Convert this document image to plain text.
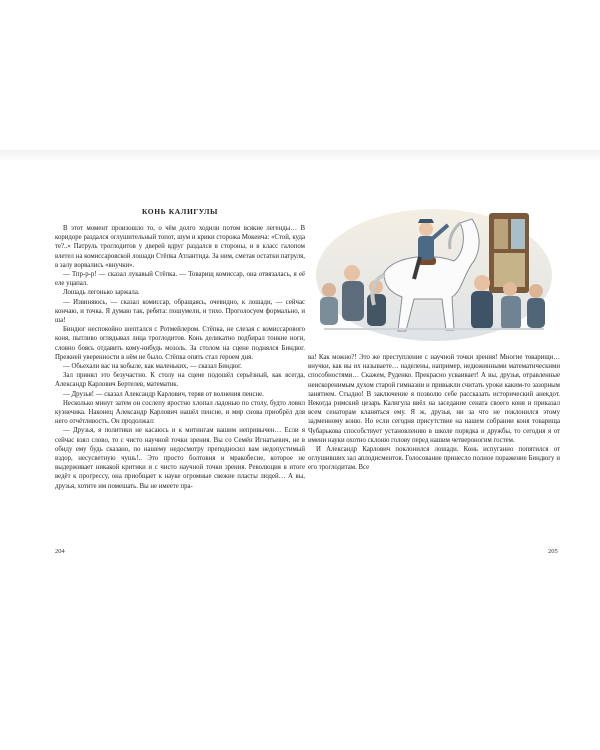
КОНЬ КАЛИГУЛЫ

В этот момент произошло то, о чём долго ходили потом всякие легенды… В коридоре раздался оглушительный топот, шум и крики сторожа Мокеича: «Стой, куда те?..» Патруль троглодитов у дверей вдруг раздался в стороны, и в класс галопом влетел на комиссаровской лошади Стёпка Атлантида. За ним, сметая остатки патруля, в залу ворвались «внучки».

— Тпр-р-р! — сказал лукавый Стёпка. — Товарищ комиссар, она отвязалась, я её еле уцапал.

Лошадь легонько заржала.

— Извиняюсь, — сказал комиссар, обращаясь, очевидно, к лошади, — сейчас кончаю, и точка. Я думаю так, ребята: пошумели, и тихо. Проголосуем формально, и ша!

Биндюг неспокойно шептался с Ротмейлером. Стёпка, не слезая с комиссарового коня, пытливо оглядывал лица троглодитов. Конь деликатно подбирал тонкие ноги, словно боясь отдавить кому-нибудь мозоль. За столом на сцене поднялся Биндюг. Прежней уверенности в нём не было. Стёпка опять стал героем дня.

— Обьехали вас на кобыле, как маленьких, — сказал Биндюг.

Зал принял это безучастно. К столу на сцене подошёл серьёзный, как всегда, Александр Карлович Бертелев, математик.

— Друзья! — сказал Александр Карлович, теряя от волнения пенсне.

Несколько минут затем он сослепу яростно хлопал ладонью по столу, будто ловил кузнечика. Наконец Александр Карлович нашёл пенсне, и мир снова приобрёл для него отчётливость. Он продолжал:

— Друзья, я политики не касаюсь и к митингам вашим непривычен… Если я сейчас взял слово, то с чисто научной точки зрения. Вы со Семён Игнатьевич, не в обиду ему будь сказано, по нашему недосмотру преподносил вам недопустимый вздор, несусветную чушь!.. Это просто болтовня и мракобесие, которое не выдерживает никакой критики и с чисто научной точки зрения. Революция в итоге ведёт к прогрессу, она приобщает к науке огромные свежие пласты людей… А вы, друзья, хотите им помешать. Вы не имеете пра-

ва! Как можно?! Это же преступление с научной точки зрения! Многие товарищи… внучки, как вы их называете… наделены, например, недюжинными математическими способностями… Скажем, Руденко. Прекрасно усваивает! А вы, друзья, отравленные неискоренимым духом старой гимназии и привыкли считать уроки каким-то зазорным занятием. Стыдно! В заключение я позволю себе рассказать исторический анекдот. Некогда римский цезарь Калигула ввёл на заседание сената своего коня и приказал всем сенаторам кланяться ему. Я ж, друзья, ни за что не поклонился этому задменному коню. Но если сегодня присутствие на нашем собрании коня товарища Чубарькова способствует установлению в школе порядка и дружбы, то сегодня я от имени науки охотно склоню голову перед нашим четвероногим гостем.

И Александр Карлович поклонился лошади. Конь испуганно попятился от оглушивших зал аплодисментов. Голосование принесло полное поражение Биндюгу и его троглодитам. Все

204	205
